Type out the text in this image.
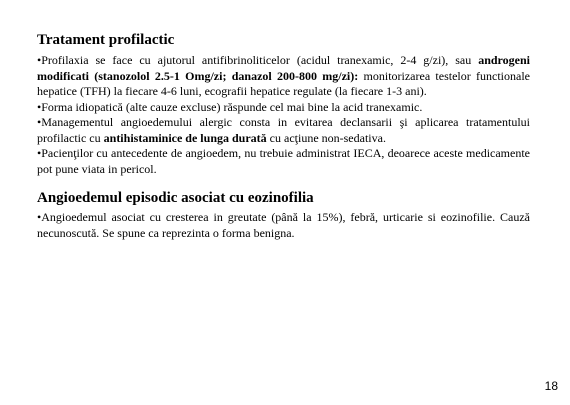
Tratament profilactic

•Profilaxia se face cu ajutorul antifibrinoliticelor (acidul tranexamic, 2-4 g/zi), sau androgeni modificati (stanozolol 2.5-1 Omg/zi; danazol 200-800 mg/zi): monitorizarea testelor functionale hepatice (TFH) la fiecare 4-6 luni, ecografii hepatice regulate (la fiecare 1-3 ani).

•Forma idiopatică (alte cauze excluse) răspunde cel mai bine la acid tranexamic.

•Managementul angioedemului alergic consta in evitarea declansarii şi aplicarea tratamentului profilactic cu antihistaminice de lunga durată cu acţiune non-sedativa.

•Pacienţilor cu antecedente de angioedem, nu trebuie administrat IECA, deoarece aceste medicamente pot pune viata in pericol.

Angioedemul episodic asociat cu eozinofilia

•Angioedemul asociat cu cresterea in greutate (până la 15%), febră, urticarie si eozinofilie. Cauză necunoscută. Se spune ca reprezinta o forma benigna.

18
